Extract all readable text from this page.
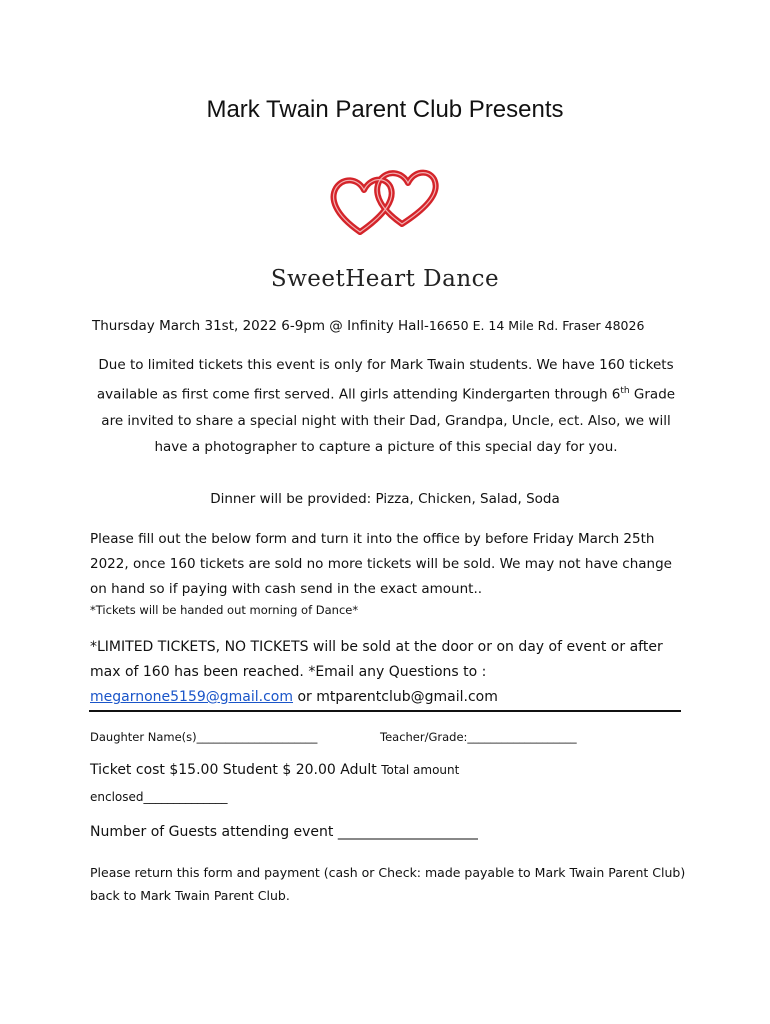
Mark Twain Parent Club Presents
SweetHeart Dance
Thursday March 31st, 2022 6-9pm @ Infinity Hall-16650 E. 14 Mile Rd. Fraser 48026
Due to limited tickets this event is only for Mark Twain students. We have 160 tickets available as first come first served. All girls attending Kindergarten through 6th Grade are invited to share a special night with their Dad, Grandpa, Uncle, ect. Also, we will have a photographer to capture a picture of this special day for you.
Dinner will be provided: Pizza, Chicken, Salad, Soda
Please fill out the below form and turn it into the office by before Friday March 25th 2022, once 160 tickets are sold no more tickets will be sold. We may not have change on hand so if paying with cash send in the exact amount..
*Tickets will be handed out morning of Dance*
*LIMITED TICKETS, NO TICKETS will be sold at the door or on day of event or after max of 160 has been reached. *Email any Questions to :
megarnone5159@gmail.com or mtparentclub@gmail.com
Daughter Name(s)_____________________	Teacher/Grade:___________________
Ticket cost $15.00 Student $ 20.00 Adult Total amount
enclosed______________
Number of Guests attending event ____________________
Please return this form and payment (cash or Check: made payable to Mark Twain Parent Club) back to Mark Twain Parent Club.
